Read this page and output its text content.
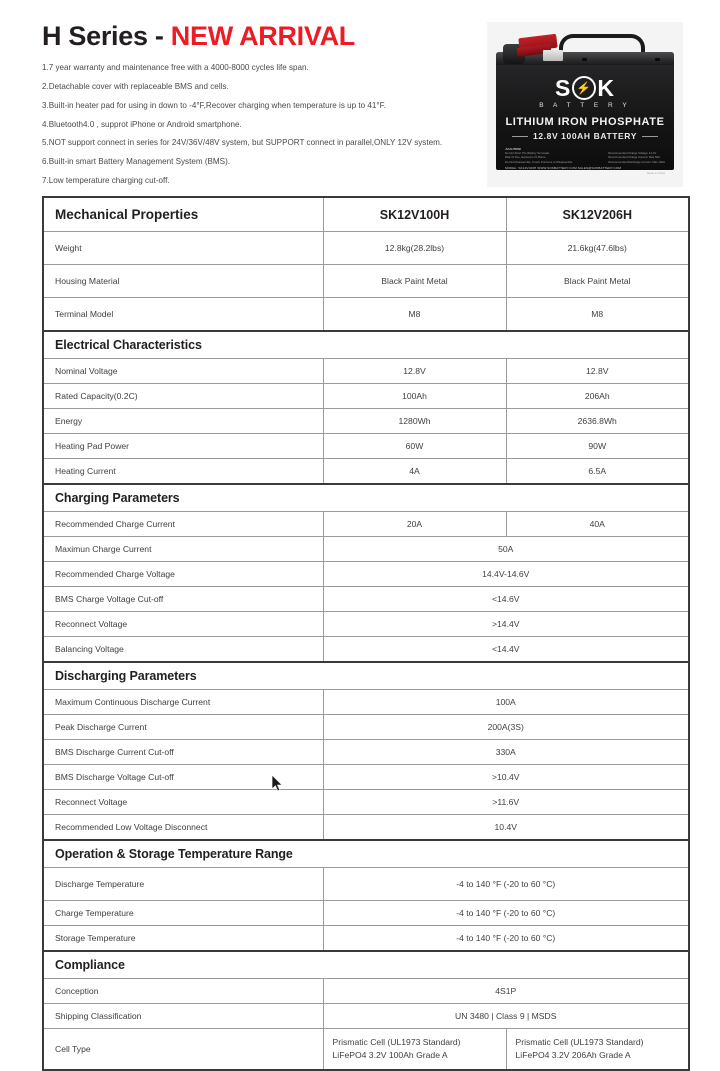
H Series - NEW ARRIVAL
1.7 year warranty and maintenance free with a 4000-8000 cycles life span.
2.Detachable cover with replaceable BMS and cells.
3.Built-in heater pad for using in down to -4°F,Recover charging when temperature is up to 41°F.
4.Bluetooth4.0 , supprot iPhone or Android smartphone.
5.NOT support connect in series for 24V/36V/48V system, but SUPPORT connect in parallel,ONLY 12V system.
6.Built-in smart Battery Management System (BMS).
7.Low temperature charging cut-off.
S ⚡ K
B A T T E R Y
LITHIUM IRON PHOSPHATE
12.8V 100AH BATTERY
⚠CAUTION!
Do Not Short The Battery Terminals
Risk Of Fire, Explosion Or Burns
Do Not Disassemble, Crush, Puncture or Disassemble
Recommended Charge Voltage: 14.4V
Recommended Charge Current: Max 50A
Recommended Discharge Current: Max 100A
MODEL: SK12V100H WWW.SOKBATTERY.COM SALES@SOKBATTERY.COM
Made in China
Mechanical Properties	SK12V100H	SK12V206H
Weight	12.8kg(28.2lbs)	21.6kg(47.6lbs)
Housing Material	Black Paint Metal	Black Paint Metal
Terminal Model	M8	M8
Electrical Characteristics		
Nominal Voltage	12.8V	12.8V
Rated Capacity(0.2C)	100Ah	206Ah
Energy	1280Wh	2636.8Wh
Heating Pad Power	60W	90W
Heating Current	4A	6.5A
Charging Parameters		
Recommended Charge Current	20A	40A
Maximun Charge Current	50A	
Recommended Charge Voltage	14.4V-14.6V	
BMS Charge Voltage Cut-off	<14.6V	
Reconnect Voltage	>14.4V	
Balancing Voltage	<14.4V	
Discharging Parameters		
Maximum Continuous Discharge Current	100A	
Peak Discharge Current	200A(3S)	
BMS Discharge Current Cut-off	330A	
BMS Discharge Voltage Cut-off	>10.4V	
Reconnect Voltage	>11.6V	
Recommended Low Voltage Disconnect	10.4V	
Operation & Storage Temperature Range		
Discharge Temperature	-4 to 140 °F (-20 to 60 °C)	
Charge Temperature	-4 to 140 °F (-20 to 60 °C)	
Storage Temperature	-4 to 140 °F (-20 to 60 °C)	
Compliance		
Conception	4S1P	
Shipping Classification	UN 3480 | Class 9 | MSDS	
Cell Type	Prismatic Cell (UL1973 Standard) LiFePO4 3.2V 100Ah Grade A	Prismatic Cell (UL1973 Standard) LiFePO4 3.2V 206Ah Grade A
